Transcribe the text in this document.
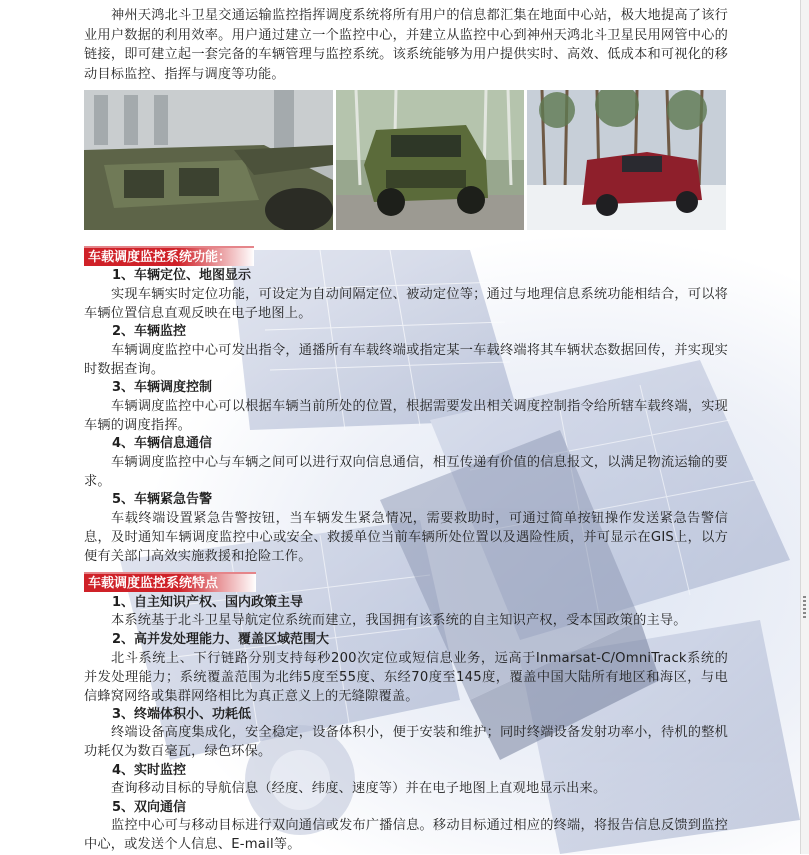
神州天鸿北斗卫星交通运输监控指挥调度系统将所有用户的信息都汇集在地面中心站，极大地提高了该行业用户数据的利用效率。用户通过建立一个监控中心，并建立从监控中心到神州天鸿北斗卫星民用网管中心的链接，即可建立起一套完备的车辆管理与监控系统。该系统能够为用户提供实时、高效、低成本和可视化的移动目标监控、指挥与调度等功能。

车载调度监控系统功能：
1、车辆定位、地图显示

实现车辆实时定位功能，可设定为自动间隔定位、被动定位等；通过与地理信息系统功能相结合，可以将车辆位置信息直观反映在电子地图上。

2、车辆监控

车辆调度监控中心可发出指令，通播所有车载终端或指定某一车载终端将其车辆状态数据回传，并实现实时数据查询。

3、车辆调度控制

车辆调度监控中心可以根据车辆当前所处的位置，根据需要发出相关调度控制指令给所辖车载终端，实现车辆的调度指挥。

4、车辆信息通信

车辆调度监控中心与车辆之间可以进行双向信息通信，相互传递有价值的信息报文，以满足物流运输的要求。

5、车辆紧急告警

车载终端设置紧急告警按钮，当车辆发生紧急情况，需要救助时，可通过简单按钮操作发送紧急告警信息，及时通知车辆调度监控中心或安全、救援单位当前车辆所处位置以及遇险性质，并可显示在GIS上，以方便有关部门高效实施救援和抢险工作。

车载调度监控系统特点
1、自主知识产权、国内政策主导

本系统基于北斗卫星导航定位系统而建立，我国拥有该系统的自主知识产权，受本国政策的主导。

2、高并发处理能力、覆盖区域范围大

北斗系统上、下行链路分别支持每秒200次定位或短信息业务，远高于Inmarsat-C/OmniTrack系统的并发处理能力；系统覆盖范围为北纬5度至55度、东经70度至145度，覆盖中国大陆所有地区和海区，与电信蜂窝网络或集群网络相比为真正意义上的无缝隙覆盖。

3、终端体积小、功耗低

终端设备高度集成化，安全稳定，设备体积小，便于安装和维护；同时终端设备发射功率小，待机的整机功耗仅为数百毫瓦，绿色环保。

4、实时监控

查询移动目标的导航信息（经度、纬度、速度等）并在电子地图上直观地显示出来。

5、双向通信

监控中心可与移动目标进行双向通信或发布广播信息。移动目标通过相应的终端，将报告信息反馈到监控中心，或发送个人信息、E-mail等。
